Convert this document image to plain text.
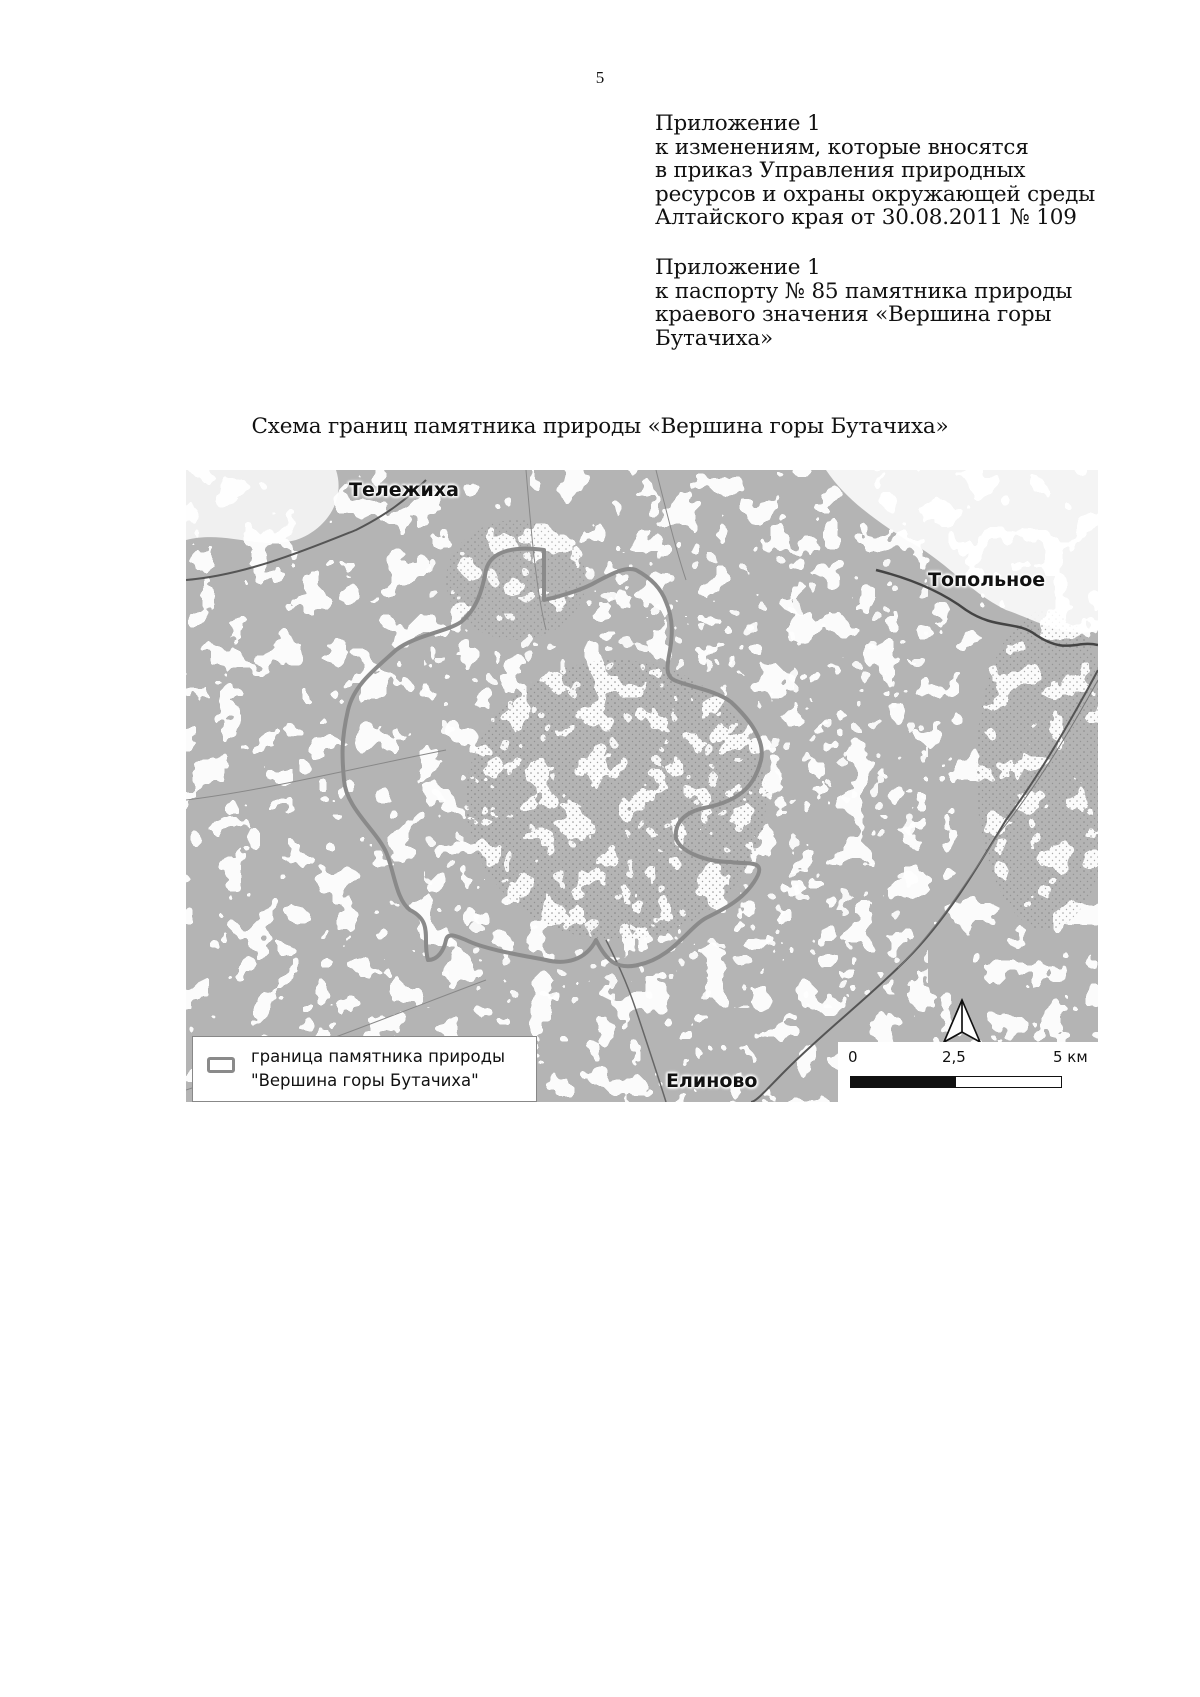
5
Приложение 1
к изменениям, которые вносятся
в приказ Управления природных
ресурсов и охраны окружающей среды
Алтайского края от 30.08.2011 № 109
Приложение 1
к паспорту № 85 памятника природы
краевого значения «Вершина горы
Бутачиха»
Схема границ памятника природы «Вершина горы Бутачиха»
Тележиха
Топольное
Елиново
граница памятника природы
"Вершина горы Бутачиха"
0	2,5	5 км
